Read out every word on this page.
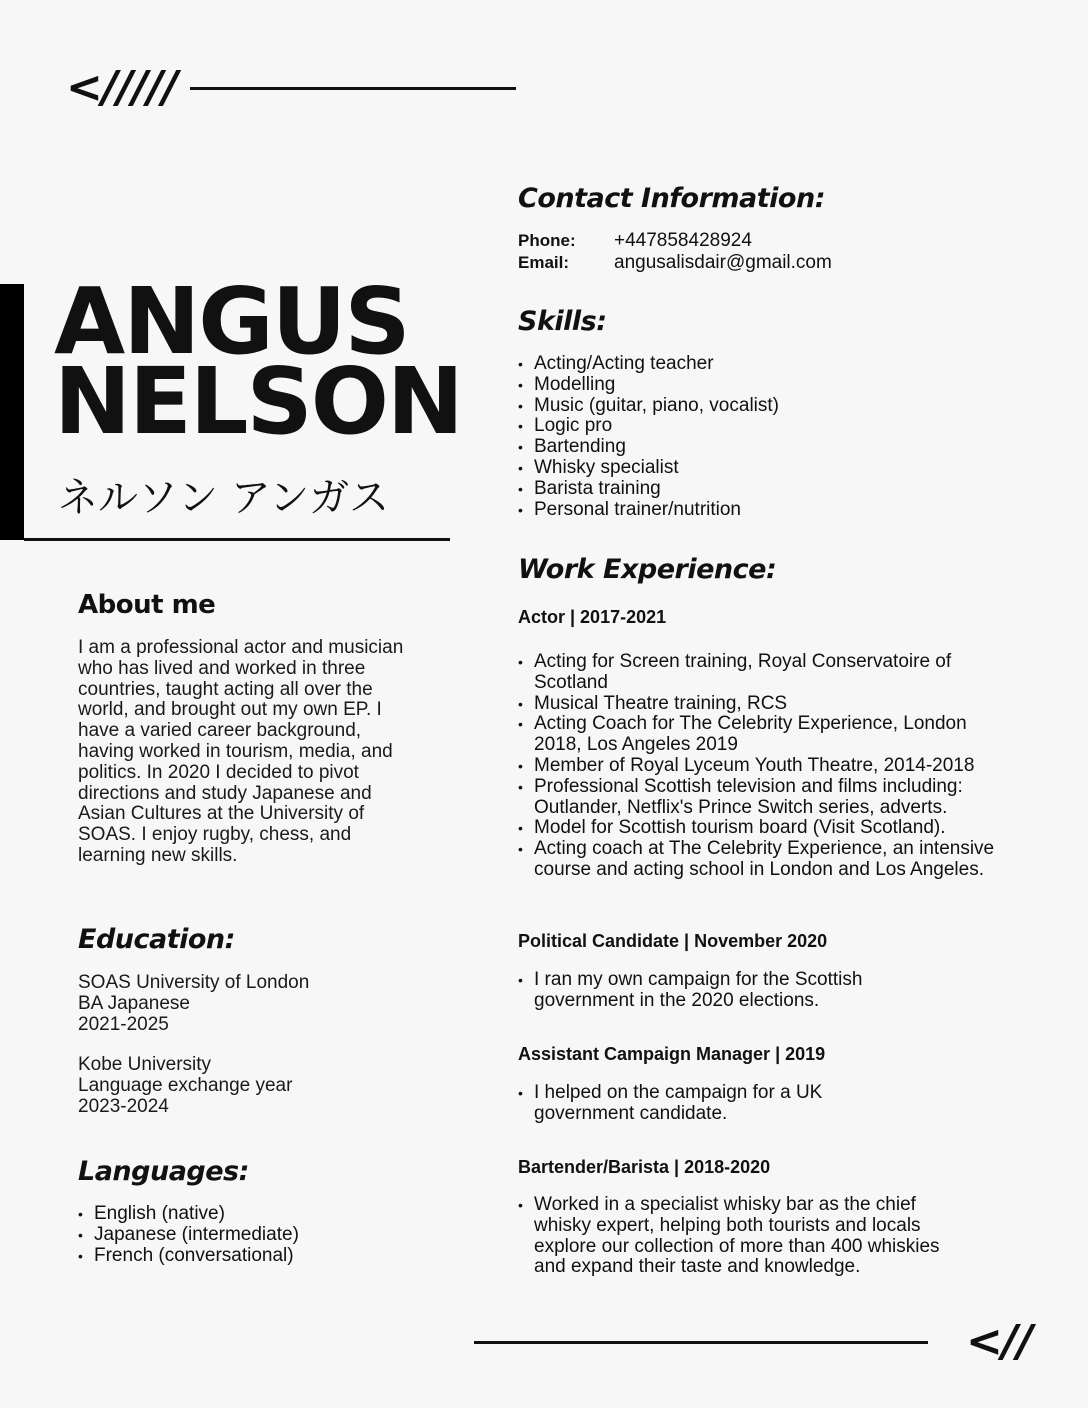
</////
ANGUS
NELSON
ネルソン アンガス
About me
I am a professional actor and musician who has lived and worked in three countries, taught acting all over the world, and brought out my own EP. I have a varied career background, having worked in tourism, media, and politics. In 2020 I decided to pivot directions and study Japanese and Asian Cultures at the University of SOAS. I enjoy rugby, chess, and learning new skills.
Education:
SOAS University of London
BA Japanese
2021-2025
Kobe University
Language exchange year
2023-2024
Languages:
• English (native)
• Japanese (intermediate)
• French (conversational)
Contact Information:
Phone: +447858428924
Email: angusalisdair@gmail.com
Skills:
• Acting/Acting teacher
• Modelling
• Music (guitar, piano, vocalist)
• Logic pro
• Bartending
• Whisky specialist
• Barista training
• Personal trainer/nutrition
Work Experience:
Actor | 2017-2021
• Acting for Screen training, Royal Conservatoire of Scotland
• Musical Theatre training, RCS
• Acting Coach for The Celebrity Experience, London 2018, Los Angeles 2019
• Member of Royal Lyceum Youth Theatre, 2014-2018
• Professional Scottish television and films including: Outlander, Netflix's Prince Switch series, adverts.
• Model for Scottish tourism board (Visit Scotland).
• Acting coach at The Celebrity Experience, an intensive course and acting school in London and Los Angeles.
Political Candidate | November 2020
• I ran my own campaign for the Scottish government in the 2020 elections.
Assistant Campaign Manager | 2019
• I helped on the campaign for a UK government candidate.
Bartender/Barista | 2018-2020
• Worked in a specialist whisky bar as the chief whisky expert, helping both tourists and locals explore our collection of more than 400 whiskies and expand their taste and knowledge.
<//
